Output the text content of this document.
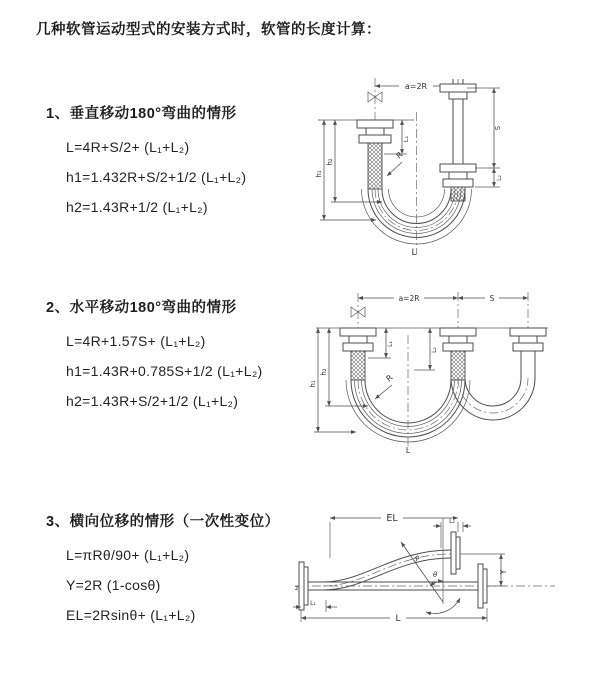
几种软管运动型式的安装方式时，软管的长度计算：
1、垂直移动180°弯曲的情形
L=4R+S/2+ (L₁+L₂)
h1=1.432R+S/2+1/2 (L₁+L₂)
h2=1.43R+1/2 (L₁+L₂)
2、水平移动180°弯曲的情形
L=4R+1.57S+ (L₁+L₂)
h1=1.43R+0.785S+1/2 (L₁+L₂)
h2=1.43R+S/2+1/2 (L₁+L₂)
3、横向位移的情形（一次性变位）
L=πRθ/90+ (L₁+L₂)
Y=2R (1-cosθ)
EL=2Rsinθ+ (L₁+L₂)
a=2R
h₁
h₂
L₁
S
L₂
R
L
a=2R	S
h₁
h₂
L₁
L₂
R
L
z
EL	L₂
Y
θ
R
L₁
L
